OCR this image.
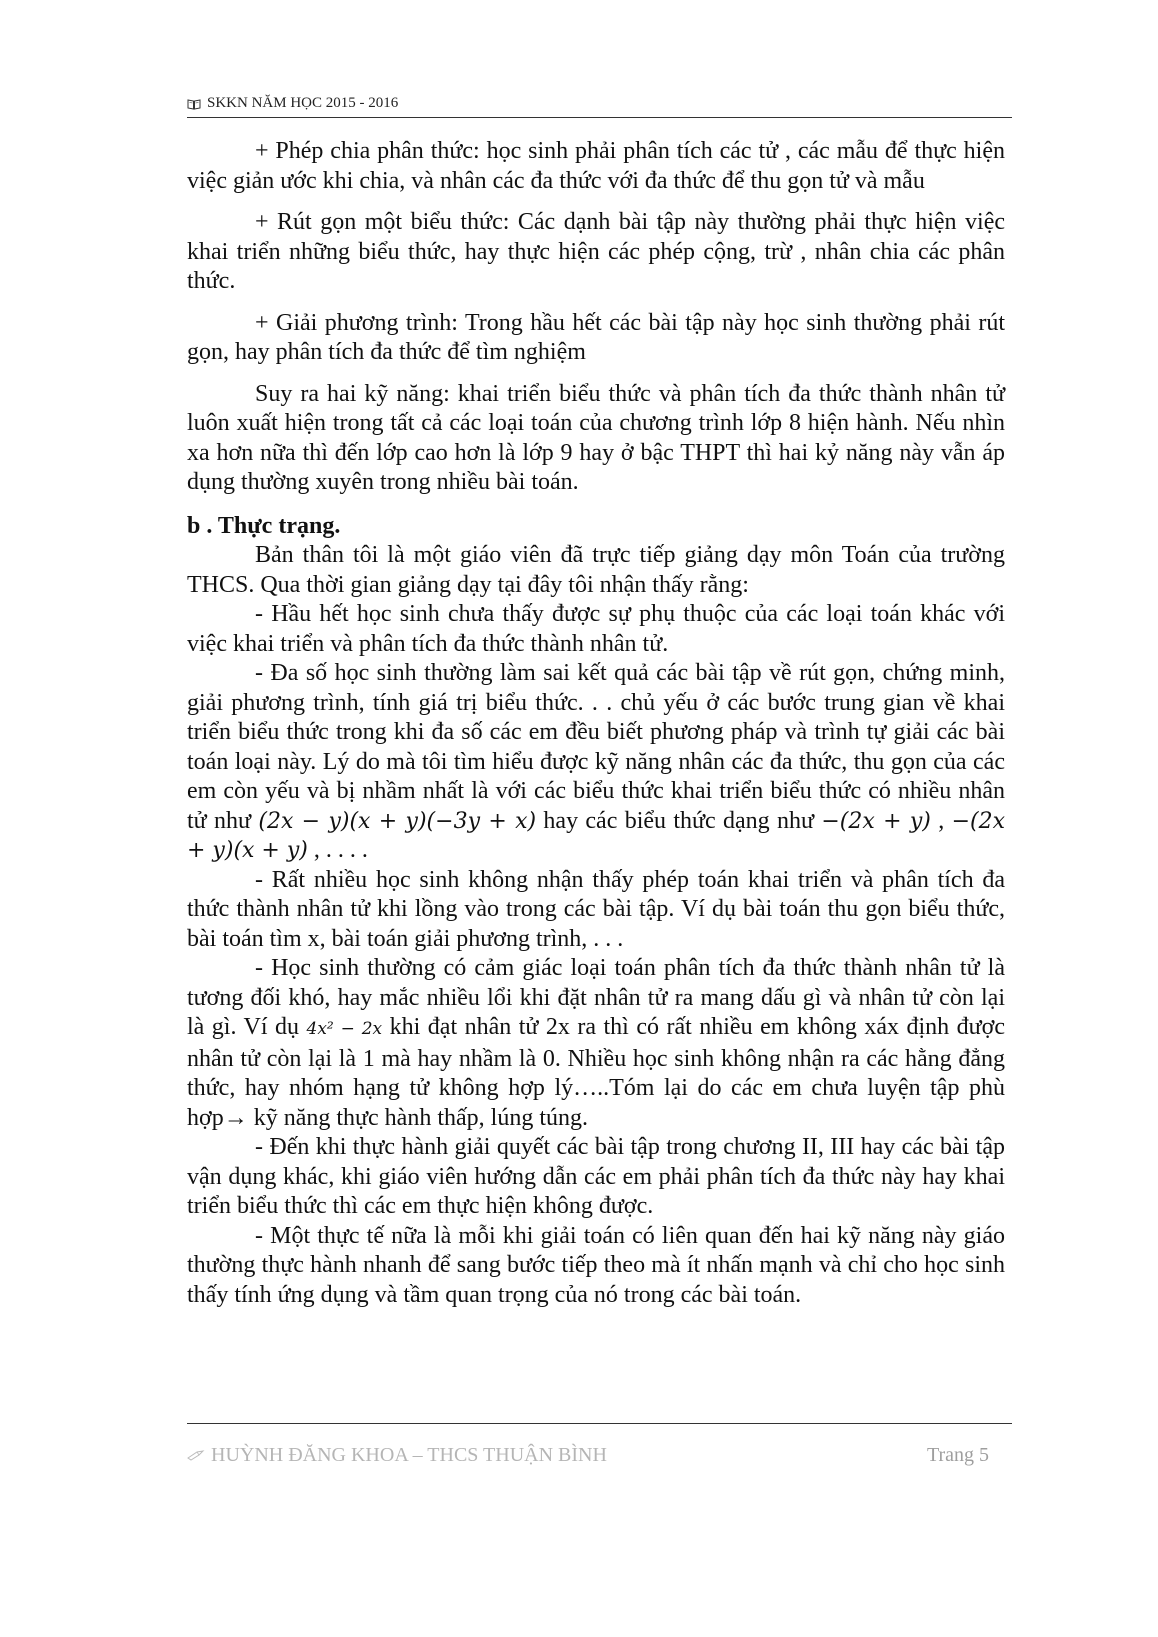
SKKN NĂM HỌC 2015 - 2016

+ Phép chia phân thức: học sinh phải phân tích các tử , các mẫu để thực hiện việc giản ước khi chia, và nhân các đa thức với đa thức để thu gọn tử và mẫu

+ Rút gọn một biểu thức: Các dạnh bài tập này thường phải thực hiện việc khai triển những biểu thức, hay thực hiện các phép cộng, trừ , nhân chia các phân thức.

+ Giải phương trình: Trong hầu hết các bài tập này học sinh thường phải rút gọn, hay phân tích đa thức để tìm nghiệm

Suy ra hai kỹ năng: khai triển biểu thức và phân tích đa thức thành nhân tử luôn xuất hiện trong tất cả các loại toán của chương trình lớp 8 hiện hành. Nếu nhìn xa hơn nữa thì đến lớp cao hơn là lớp 9 hay ở bậc THPT thì hai kỷ năng này vẫn áp dụng thường xuyên trong nhiều bài toán.

b . Thực trạng.

Bản thân tôi là một giáo viên đã trực tiếp giảng dạy môn Toán của trường THCS. Qua thời gian giảng dạy tại đây tôi nhận thấy rằng:

- Hầu hết học sinh chưa thấy được sự phụ thuộc của các loại toán khác với việc khai triển và phân tích đa thức thành nhân tử.

- Đa số học sinh thường làm sai kết quả các bài tập về rút gọn, chứng minh, giải phương trình, tính giá trị biểu thức. . . chủ yếu ở các bước trung gian về khai triển biểu thức trong khi đa số các em đều biết phương pháp và trình tự giải các bài toán loại này. Lý do mà tôi tìm hiểu được kỹ năng nhân các đa thức, thu gọn của các em còn yếu và bị nhầm nhất là với các biểu thức khai triển biểu thức có nhiều nhân tử như (2x − y)(x + y)(−3y + x) hay các biểu thức dạng như −(2x + y) , −(2x + y)(x + y) , . . . .

- Rất nhiều học sinh không nhận thấy phép toán khai triển và phân tích đa thức thành nhân tử khi lồng vào trong các bài tập. Ví dụ bài toán thu gọn biểu thức, bài toán tìm x, bài toán giải phương trình, . . .

- Học sinh thường có cảm giác loại toán phân tích đa thức thành nhân tử là tương đối khó, hay mắc nhiều lổi khi đặt nhân tử ra mang dấu gì và nhân tử còn lại là gì. Ví dụ 4x² − 2x khi đạt nhân tử 2x ra thì có rất nhiều em không xáx định được nhân tử còn lại là 1 mà hay nhầm là 0. Nhiều học sinh không nhận ra các hằng đẳng thức, hay nhóm hạng tử không hợp lý…..Tóm lại do các em chưa luyện tập phù hợp→ kỹ năng thực hành thấp, lúng túng.

- Đến khi thực hành giải quyết các bài tập trong chương II, III hay các bài tập vận dụng khác, khi giáo viên hướng dẫn các em phải phân tích đa thức này hay khai triển biểu thức thì các em thực hiện không được.

- Một thực tế nữa là mỗi khi giải toán có liên quan đến hai kỹ năng này giáo thường thực hành nhanh để sang bước tiếp theo mà ít nhấn mạnh và chỉ cho học sinh thấy tính ứng dụng và tầm quan trọng của nó trong các bài toán.

HUỲNH ĐĂNG KHOA – THCS THUẬN BÌNH	Trang 5
